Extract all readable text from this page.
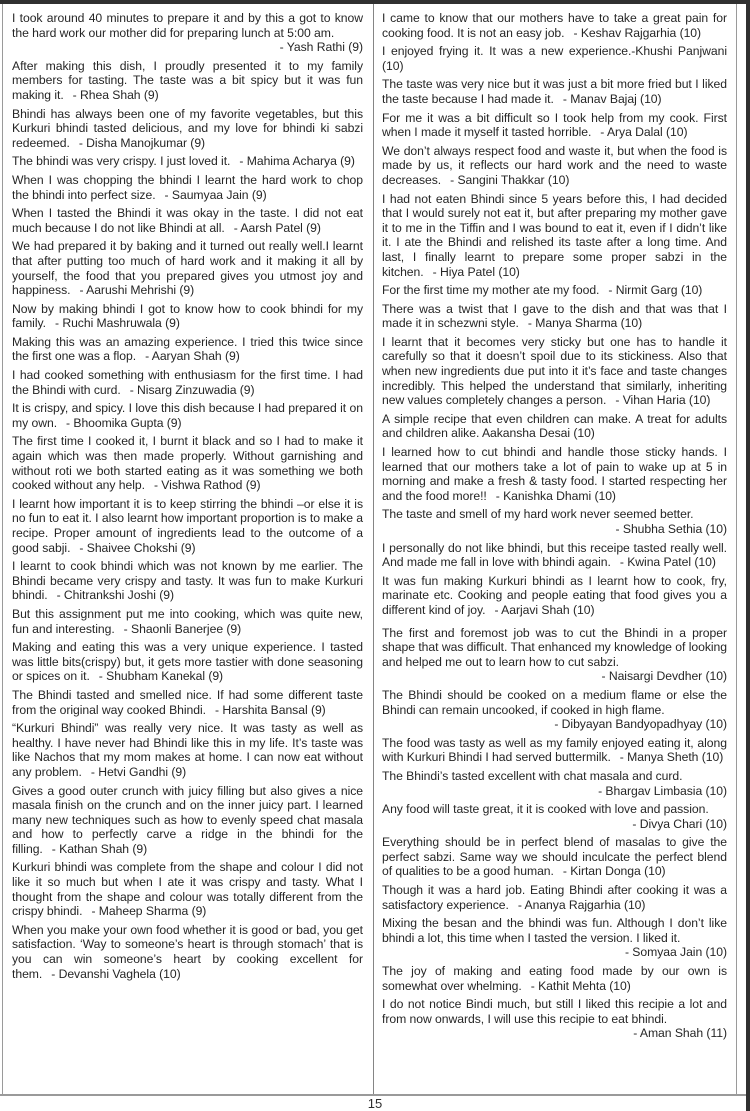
I took around 40 minutes to prepare it and by this a got to know the hard work our mother did for preparing lunch at 5:00 am.
- Yash Rathi (9)

After making this dish, I proudly presented it to my family members for tasting. The taste was a bit spicy but it was fun making it. - Rhea Shah (9)

Bhindi has always been one of my favorite vegetables, but this Kurkuri bhindi tasted delicious, and my love for bhindi ki sabzi redeemed. - Disha Manojkumar (9)

The bhindi was very crispy. I just loved it. - Mahima Acharya (9)

When I was chopping the bhindi I learnt the hard work to chop the bhindi into perfect size. - Saumyaa Jain (9)

When I tasted the Bhindi it was okay in the taste. I did not eat much because I do not like Bhindi at all. - Aarsh Patel (9)

We had prepared it by baking and it turned out really well.I learnt that after putting too much of hard work and it making it all by yourself, the food that you prepared gives you utmost joy and happiness. - Aarushi Mehrishi (9)

Now by making bhindi I got to know how to cook bhindi for my family. - Ruchi Mashruwala (9)

Making this was an amazing experience. I tried this twice since the first one was a flop. - Aaryan Shah (9)

I had cooked something with enthusiasm for the first time. I had the Bhindi with curd. - Nisarg Zinzuwadia (9)

It is crispy, and spicy. I love this dish because I had prepared it on my own. - Bhoomika Gupta (9)

The first time I cooked it, I burnt it black and so I had to make it again which was then made properly. Without garnishing and without roti we both started eating as it was something we both cooked without any help. - Vishwa Rathod (9)

I learnt how important it is to keep stirring the bhindi –or else it is no fun to eat it. I also learnt how important proportion is to make a recipe. Proper amount of ingredients lead to the outcome of a good sabji. - Shaivee Chokshi (9)

I learnt to cook bhindi which was not known by me earlier. The Bhindi became very crispy and tasty. It was fun to make Kurkuri bhindi. - Chitrankshi Joshi (9)

But this assignment put me into cooking, which was quite new, fun and interesting. - Shaonli Banerjee (9)

Making and eating this was a very unique experience. I tasted was little bits(crispy) but, it gets more tastier with done seasoning or spices on it. - Shubham Kanekal (9)

The Bhindi tasted and smelled nice. If had some different taste from the original way cooked Bhindi. - Harshita Bansal (9)

“Kurkuri Bhindi” was really very nice. It was tasty as well as healthy. I have never had Bhindi like this in my life. It’s taste was like Nachos that my mom makes at home. I can now eat without any problem. - Hetvi Gandhi (9)

Gives a good outer crunch with juicy filling but also gives a nice masala finish on the crunch and on the inner juicy part. I learned many new techniques such as how to evenly speed chat masala and how to perfectly carve a ridge in the bhindi for the filling. - Kathan Shah (9)

Kurkuri bhindi was complete from the shape and colour I did not like it so much but when I ate it was crispy and tasty. What I thought from the shape and colour was totally different from the crispy bhindi. - Maheep Sharma (9)

When you make your own food whether it is good or bad, you get satisfaction. ‘Way to someone’s heart is through stomach’ that is you can win someone’s heart by cooking excellent for them. - Devanshi Vaghela (10)

I came to know that our mothers have to take a great pain for cooking food. It is not an easy job. - Keshav Rajgarhia (10)

I enjoyed frying it. It was a new experience.-Khushi Panjwani (10)

The taste was very nice but it was just a bit more fried but I liked the taste because I had made it. - Manav Bajaj (10)

For me it was a bit difficult so I took help from my cook. First when I made it myself it tasted horrible. - Arya Dalal (10)

We don’t always respect food and waste it, but when the food is made by us, it reflects our hard work and the need to waste decreases. - Sangini Thakkar (10)

I had not eaten Bhindi since 5 years before this, I had decided that I would surely not eat it, but after preparing my mother gave it to me in the Tiffin and I was bound to eat it, even if I didn’t like it. I ate the Bhindi and relished its taste after a long time. And last, I finally learnt to prepare some proper sabzi in the kitchen. - Hiya Patel (10)

For the first time my mother ate my food. - Nirmit Garg (10)

There was a twist that I gave to the dish and that was that I made it in schezwni style. - Manya Sharma (10)

I learnt that it becomes very sticky but one has to handle it carefully so that it doesn’t spoil due to its stickiness. Also that when new ingredients due put into it it’s face and taste changes incredibly. This helped the understand that similarly, inheriting new values completely changes a person. - Vihan Haria (10)

A simple recipe that even children can make. A treat for adults and children alike. Aakansha Desai (10)

I learned how to cut bhindi and handle those sticky hands. I learned that our mothers take a lot of pain to wake up at 5 in morning and make a fresh & tasty food. I started respecting her and the food more!! - Kanishka Dhami (10)

The taste and smell of my hard work never seemed better.
- Shubha Sethia (10)

I personally do not like bhindi, but this receipe tasted really well. And made me fall in love with bhindi again. - Kwina Patel (10)

It was fun making Kurkuri bhindi as I learnt how to cook, fry, marinate etc. Cooking and people eating that food gives you a different kind of joy. - Aarjavi Shah (10)

The first and foremost job was to cut the Bhindi in a proper shape that was difficult. That enhanced my knowledge of looking and helped me out to learn how to cut sabzi.
- Naisargi Devdher (10)

The Bhindi should be cooked on a medium flame or else the Bhindi can remain uncooked, if cooked in high flame.
- Dibyayan Bandyopadhyay (10)

The food was tasty as well as my family enjoyed eating it, along with Kurkuri Bhindi I had served buttermilk. - Manya Sheth (10)

The Bhindi’s tasted excellent with chat masala and curd.
- Bhargav Limbasia (10)

Any food will taste great, it it is cooked with love and passion.
- Divya Chari (10)

Everything should be in perfect blend of masalas to give the perfect sabzi. Same way we should inculcate the perfect blend of qualities to be a good human. - Kirtan Donga (10)

Though it was a hard job. Eating Bhindi after cooking it was a satisfactory experience. - Ananya Rajgarhia (10)

Mixing the besan and the bhindi was fun. Although I don’t like bhindi a lot, this time when I tasted the version. I liked it.
- Somyaa Jain (10)

The joy of making and eating food made by our own is somewhat over whelming. - Kathit Mehta (10)

I do not notice Bindi much, but still I liked this recipie a lot and from now onwards, I will use this recipie to eat bhindi.
- Aman Shah (11)

15
